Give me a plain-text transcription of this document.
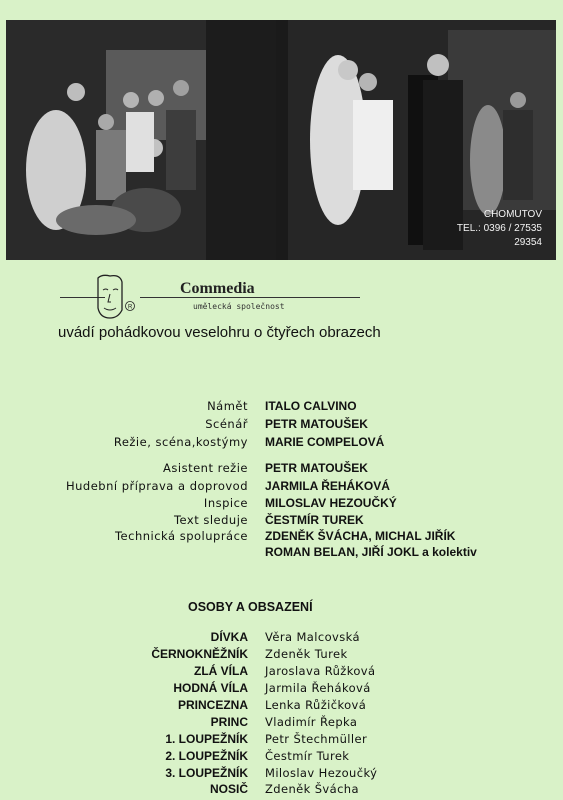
CHOMUTOV
TEL.: 0396 / 27535
29354
R
Commedia
umělecká společnost
uvádí pohádkovou veselohru o čtyřech obrazech
Námět ITALO CALVINO
Scénář PETR MATOUŠEK
Režie, scéna,kostýmy MARIE COMPELOVÁ
Asistent režie PETR MATOUŠEK
Hudební příprava a doprovod JARMILA ŘEHÁKOVÁ
Inspice MILOSLAV HEZOUČKÝ
Text sleduje ČESTMÍR TUREK
Technická spolupráce ZDENĚK ŠVÁCHA, MICHAL JIŘÍK
ROMAN BELAN, JIŘÍ JOKL a kolektiv
OSOBY A OBSAZENÍ
DÍVKA Věra Malcovská
ČERNOKNĚŽNÍK Zdeněk Turek
ZLÁ VÍLA Jaroslava Růžková
HODNÁ VÍLA Jarmila Řeháková
PRINCEZNA Lenka Růžičková
PRINC Vladimír Řepka
1. LOUPEŽNÍK Petr Štechmüller
2. LOUPEŽNÍK Čestmír Turek
3. LOUPEŽNÍK Miloslav Hezoučký
NOSIČ Zdeněk Švácha
